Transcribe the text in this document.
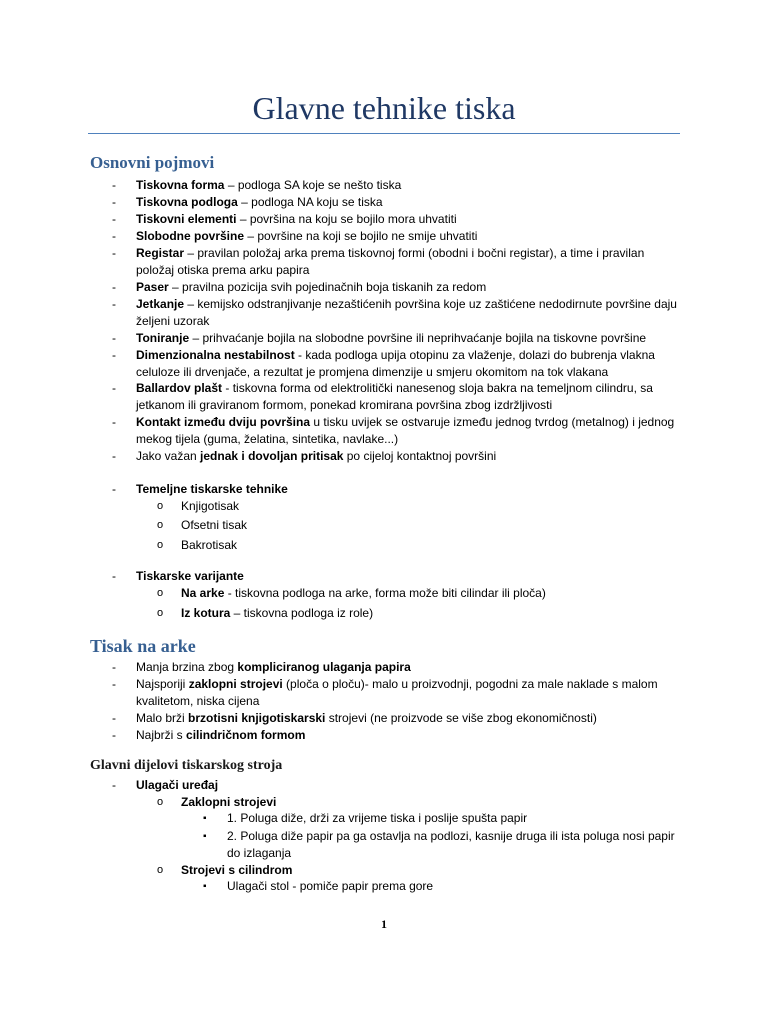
Glavne tehnike tiska
Osnovni pojmovi
- Tiskovna forma – podloga SA koje se nešto tiska
- Tiskovna podloga – podloga NA koju se tiska
- Tiskovni elementi – površina na koju se bojilo mora uhvatiti
- Slobodne površine – površine na koji se bojilo ne smije uhvatiti
- Registar – pravilan položaj arka prema tiskovnoj formi (obodni i bočni registar), a time i pravilan položaj otiska prema arku papira
- Paser – pravilna pozicija svih pojedinačnih boja tiskanih za redom
- Jetkanje – kemijsko odstranjivanje nezaštićenih površina koje uz zaštićene nedodirnute površine daju željeni uzorak
- Toniranje – prihvaćanje bojila na slobodne površine ili neprihvaćanje bojila na tiskovne površine
- Dimenzionalna nestabilnost - kada podloga upija otopinu za vlaženje, dolazi do bubrenja vlakna celuloze ili drvenjače, a rezultat je promjena dimenzije u smjeru okomitom na tok vlakana
- Ballardov plašt - tiskovna forma od elektrolitički nanesenog sloja bakra na temeljnom cilindru, sa jetkanom ili graviranom formom, ponekad kromirana površina zbog izdržljivosti
- Kontakt između dviju površina u tisku uvijek se ostvaruje između jednog tvrdog (metalnog) i jednog mekog tijela (guma, želatina, sintetika, navlake...)
- Jako važan jednak i dovoljan pritisak po cijeloj kontaktnoj površini
- Temeljne tiskarske tehnike
o Knjigotisak
o Ofsetni tisak
o Bakrotisak
- Tiskarske varijante
o Na arke - tiskovna podloga na arke, forma može biti cilindar ili ploča)
o Iz kotura – tiskovna podloga iz role)
Tisak na arke
- Manja brzina zbog kompliciranog ulaganja papira
- Najsporiji zaklopni strojevi (ploča o ploču)- malo u proizvodnji, pogodni za male naklade s malom kvalitetom, niska cijena
- Malo brži brzotisni knjigotiskarski strojevi (ne proizvode se više zbog ekonomičnosti)
- Najbrži s cilindričnom formom
Glavni dijelovi tiskarskog stroja
- Ulagači uređaj
o Zaklopni strojevi
▪ 1. Poluga diže, drži za vrijeme tiska i poslije spušta papir
▪ 2. Poluga diže papir pa ga ostavlja na podlozi, kasnije druga ili ista poluga nosi papir do izlaganja
o Strojevi s cilindrom
▪ Ulagači stol - pomiče papir prema gore
1
